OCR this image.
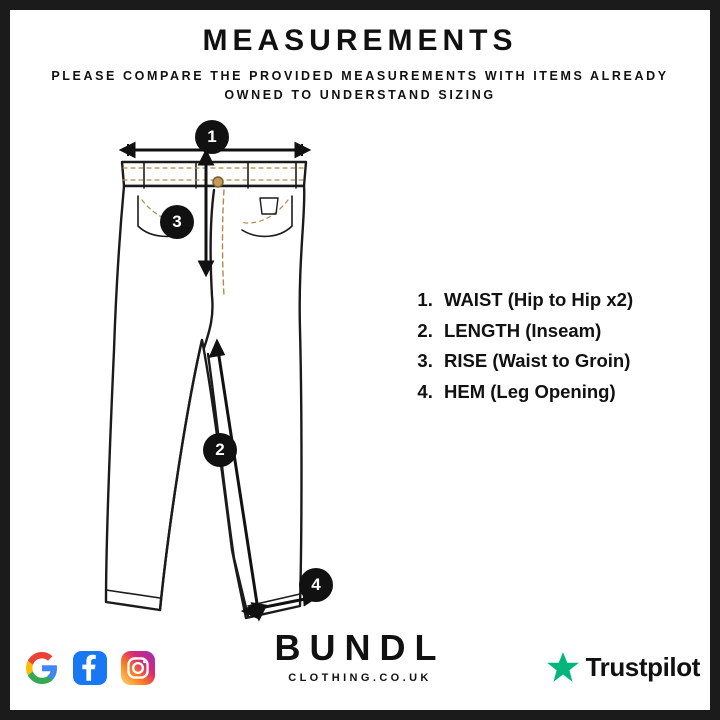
MEASUREMENTS
PLEASE COMPARE THE PROVIDED MEASUREMENTS WITH ITEMS ALREADY OWNED TO UNDERSTAND SIZING
1
2
3
4
1. WAIST (Hip to Hip x2)
2. LENGTH (Inseam)
3. RISE (Waist to Groin)
4. HEM (Leg Opening)
BUNDL
CLOTHING.CO.UK	Trustpilot
